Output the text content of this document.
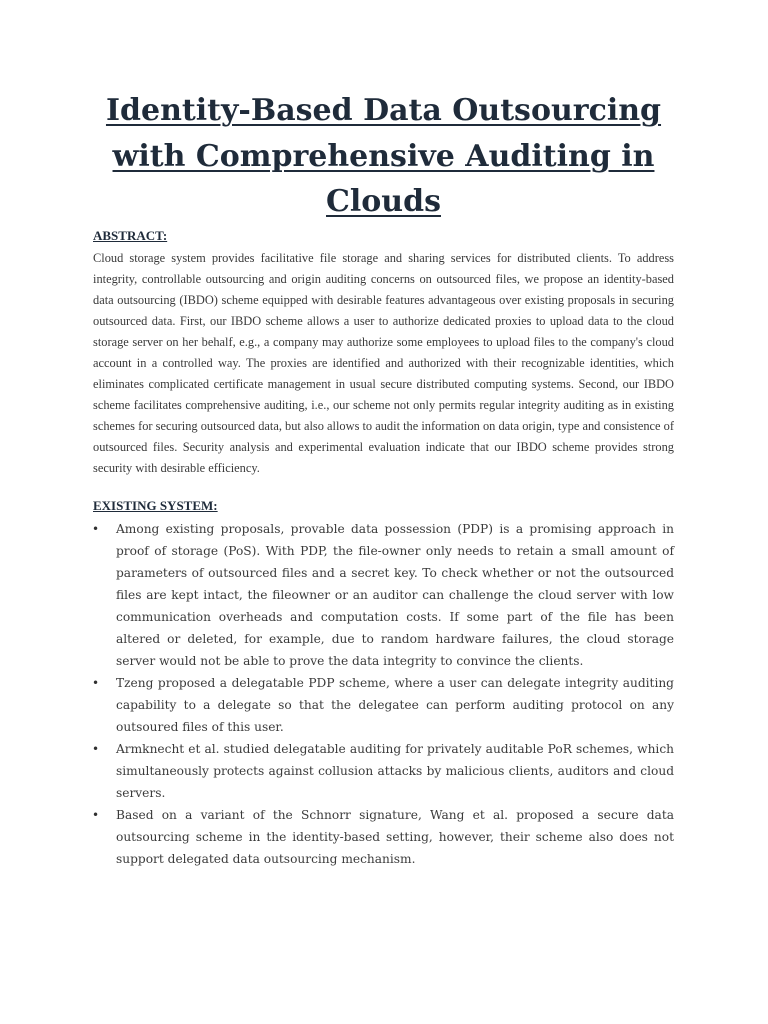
Identity-Based Data Outsourcing
with Comprehensive Auditing in
Clouds
ABSTRACT:

Cloud storage system provides facilitative file storage and sharing services for distributed clients. To address integrity, controllable outsourcing and origin auditing concerns on outsourced files, we propose an identity-based data outsourcing (IBDO) scheme equipped with desirable features advantageous over existing proposals in securing outsourced data. First, our IBDO scheme allows a user to authorize dedicated proxies to upload data to the cloud storage server on her behalf, e.g., a company may authorize some employees to upload files to the company's cloud account in a controlled way. The proxies are identified and authorized with their recognizable identities, which eliminates complicated certificate management in usual secure distributed computing systems. Second, our IBDO scheme facilitates comprehensive auditing, i.e., our scheme not only permits regular integrity auditing as in existing schemes for securing outsourced data, but also allows to audit the information on data origin, type and consistence of outsourced files. Security analysis and experimental evaluation indicate that our IBDO scheme provides strong security with desirable efficiency.

EXISTING SYSTEM:
• Among existing proposals, provable data possession (PDP) is a promising approach in proof of storage (PoS). With PDP, the file-owner only needs to retain a small amount of parameters of outsourced files and a secret key. To check whether or not the outsourced files are kept intact, the fileowner or an auditor can challenge the cloud server with low communication overheads and computation costs. If some part of the file has been altered or deleted, for example, due to random hardware failures, the cloud storage server would not be able to prove the data integrity to convince the clients.
• Tzeng proposed a delegatable PDP scheme, where a user can delegate integrity auditing capability to a delegate so that the delegatee can perform auditing protocol on any outsoured files of this user.
• Armknecht et al. studied delegatable auditing for privately auditable PoR schemes, which simultaneously protects against collusion attacks by malicious clients, auditors and cloud servers.
• Based on a variant of the Schnorr signature, Wang et al. proposed a secure data outsourcing scheme in the identity-based setting, however, their scheme also does not support delegated data outsourcing mechanism.
